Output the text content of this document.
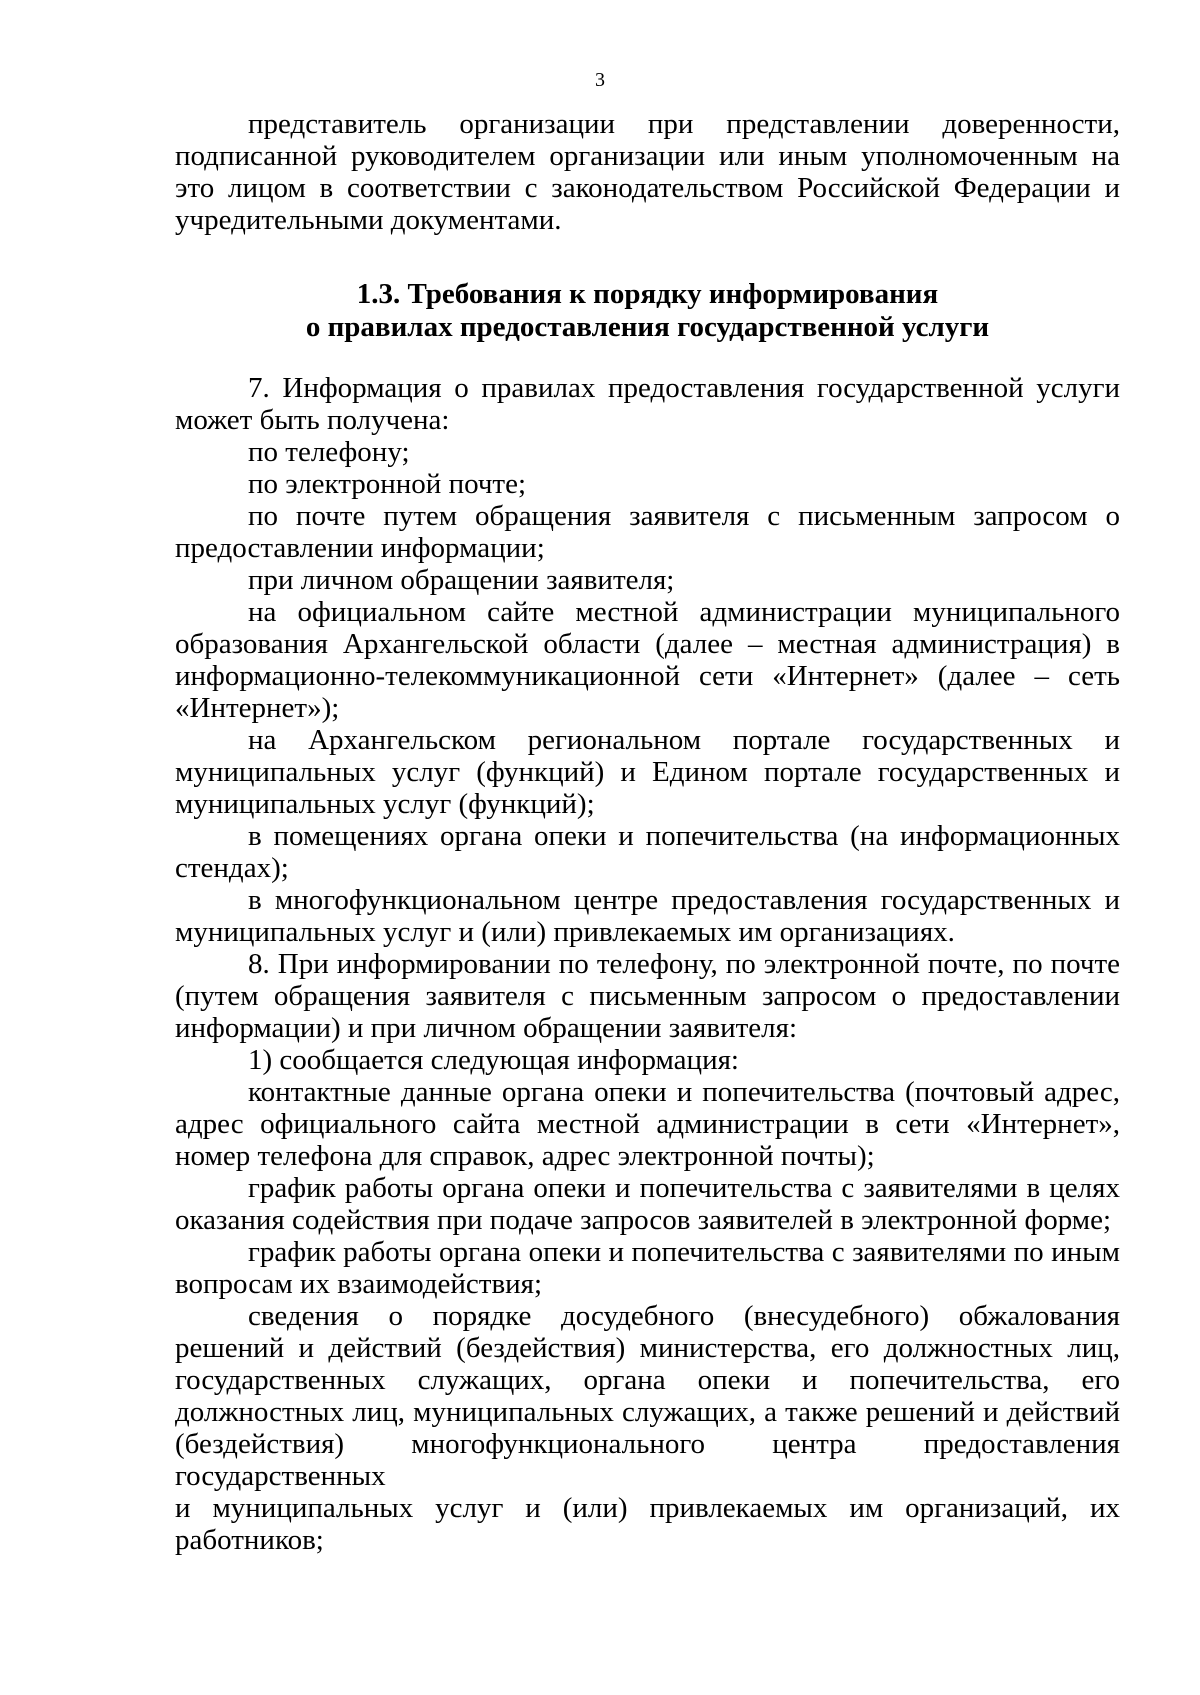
3

представитель организации при представлении доверенности, подписанной руководителем организации или иным уполномоченным на это лицом в соответствии с законодательством Российской Федерации и учредительными документами.

1.3. Требования к порядку информирования
о правилах предоставления государственной услуги

7. Информация о правилах предоставления государственной услуги может быть получена:

по телефону;

по электронной почте;

по почте путем обращения заявителя с письменным запросом о предоставлении информации;

при личном обращении заявителя;

на официальном сайте местной администрации муниципального образования Архангельской области (далее – местная администрация) в информационно-телекоммуникационной сети «Интернет» (далее – сеть «Интернет»);

на Архангельском региональном портале государственных и муниципальных услуг (функций) и Едином портале государственных и муниципальных услуг (функций);

в помещениях органа опеки и попечительства (на информационных стендах);

в многофункциональном центре предоставления государственных и муниципальных услуг и (или) привлекаемых им организациях.

8. При информировании по телефону, по электронной почте, по почте (путем обращения заявителя с письменным запросом о предоставлении информации) и при личном обращении заявителя:

1) сообщается следующая информация:

контактные данные органа опеки и попечительства (почтовый адрес, адрес официального сайта местной администрации в сети «Интернет», номер телефона для справок, адрес электронной почты);

график работы органа опеки и попечительства с заявителями в целях оказания содействия при подаче запросов заявителей в электронной форме;

график работы органа опеки и попечительства с заявителями по иным вопросам их взаимодействия;

сведения о порядке досудебного (внесудебного) обжалования решений и действий (бездействия) министерства, его должностных лиц, государственных служащих, органа опеки и попечительства, его должностных лиц, муниципальных служащих, а также решений и действий (бездействия) многофункционального центра предоставления государственных

и муниципальных услуг и (или) привлекаемых им организаций, их работников;
